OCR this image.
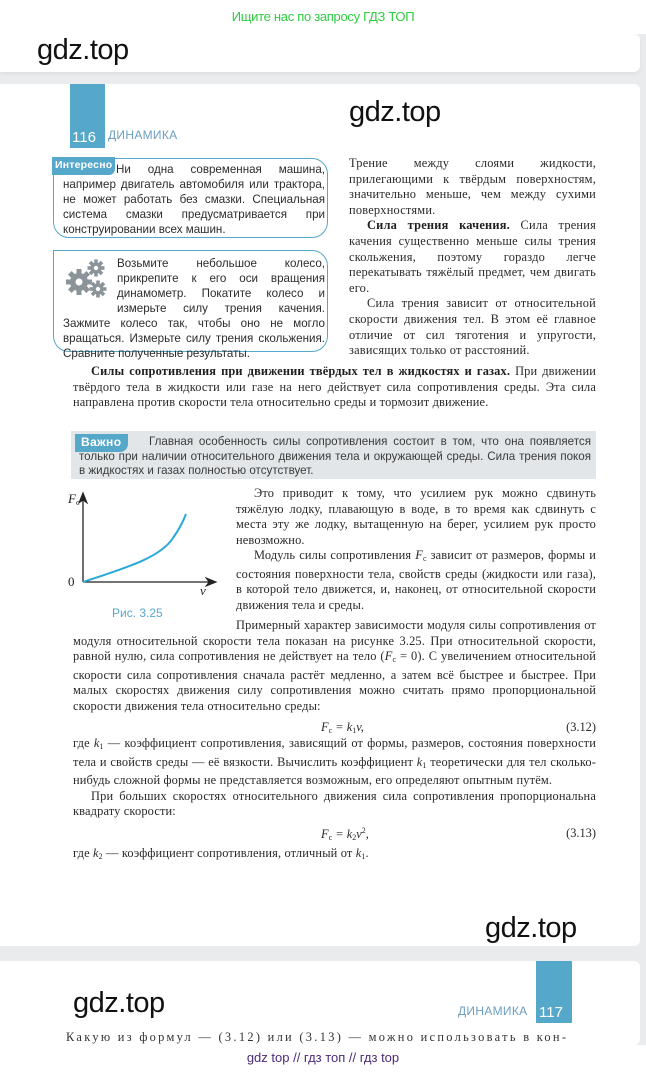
Ищите нас по запросу ГДЗ ТОП
gdz.top
116 ДИНАМИКА
gdz.top
Интересно Ни одна современная машина, например двигатель автомобиля или трактора, не может работать без смазки. Специальная система смазки предусматривается при конструировании всех машин.
Возьмите небольшое колесо, прикрепите к его оси вращения динамометр. Покатите колесо и измерьте силу трения качения. Зажмите колесо так, чтобы оно не могло вращаться. Измерьте силу трения скольжения. Сравните полученные результаты.

Трение между слоями жидкости, прилегающими к твёрдым поверхностям, значительно меньше, чем между сухими поверхностями.

Сила трения качения. Сила трения качения существенно меньше силы трения скольжения, поэтому гораздо легче перекатывать тяжёлый предмет, чем двигать его.

Сила трения зависит от относительной скорости движения тел. В этом её главное отличие от сил тяготения и упругости, зависящих только от расстояний.

Силы сопротивления при движении твёрдых тел в жидкостях и газах. При движении твёрдого тела в жидкости или газе на него действует сила сопротивления среды. Эта сила направлена против скорости тела относительно среды и тормозит движение.

Важно	Главная особенность силы сопротивления состоит в том, что она появляется только при наличии относительного движения тела и окружающей среды. Сила трения покоя в жидкостях и газах полностью отсутствует.
$F_c$
0
v
Рис. 3.25

Это приводит к тому, что усилием рук можно сдвинуть тяжёлую лодку, плавающую в воде, в то время как сдвинуть с места эту же лодку, вытащенную на берег, усилием рук просто невозможно.

Модуль силы сопротивления $F_c$ зависит от размеров, формы и состояния поверхности тела, свойств среды (жидкости или газа), в которой тело движется, и, наконец, от относительной скорости движения тела и среды.

Примерный характер зависимости модуля силы сопротивления от модуля относительной скорости тела показан на рисунке 3.25. При относительной скорости, равной нулю, сила сопротивления не действует на тело $(F_c = 0)$. С увеличением относительной скорости сила сопротивления сначала растёт медленно, а затем всё быстрее и быстрее. При малых скоростях движения силу сопротивления можно считать прямо пропорциональной скорости движения тела относительно среды:

$F_c = k_1v$,	(3.12)

где $k_1$ — коэффициент сопротивления, зависящий от формы, размеров, состояния поверхности тела и свойств среды — её вязкости. Вычислить коэффициент $k_1$ теоретически для тел сколько-нибудь сложной формы не представляется возможным, его определяют опытным путём.

При больших скоростях относительного движения сила сопротивления пропорциональна квадрату скорости:

$F_c = k_2v^2$,	(3.13)

где $k_2$ — коэффициент сопротивления, отличный от $k_1$.

gdz.top
117
ДИНАМИКА
gdz.top
Какую из формул — (3.12) или (3.13) — можно использовать в кон-
gdz top // гдз топ // гдз top
